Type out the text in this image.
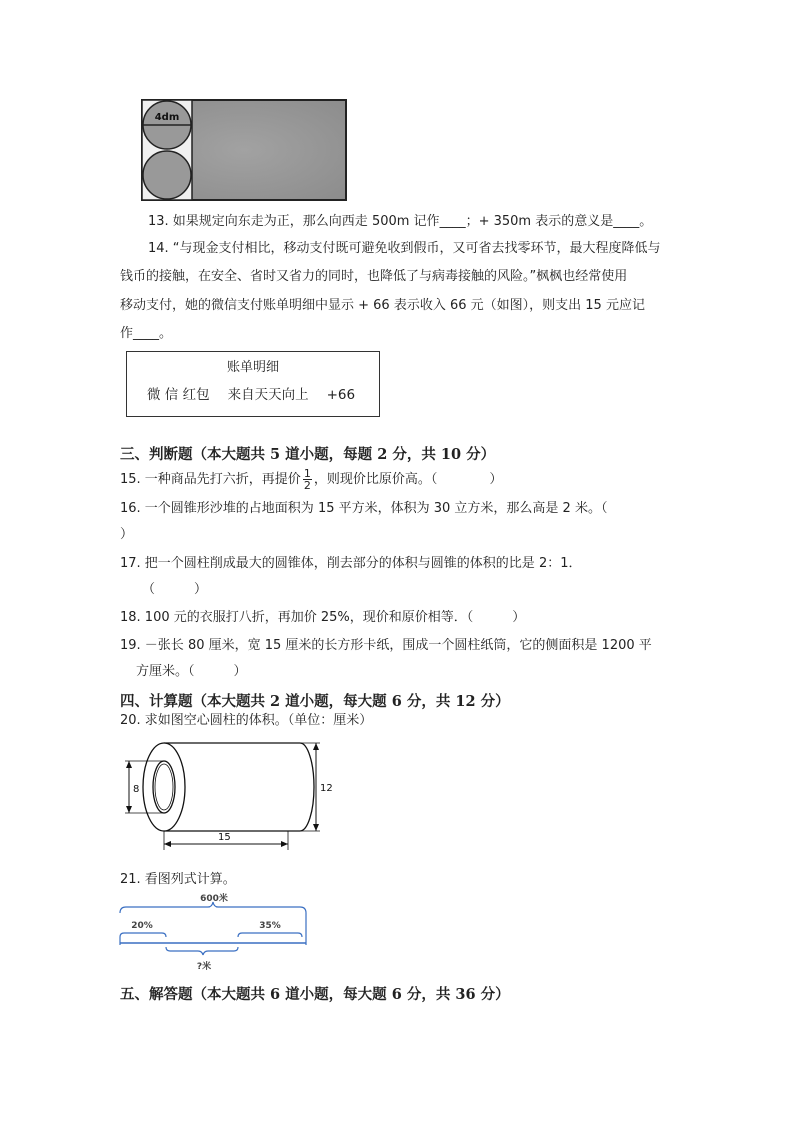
4dm
13. 如果规定向东走为正，那么向西走 500m 记作____；+ 350m 表示的意义是____。
14. “与现金支付相比，移动支付既可避免收到假币，又可省去找零环节，最大程度降低与
钱币的接触，在安全、省时又省力的同时，也降低了与病毒接触的风险。”枫枫也经常使用
移动支付，她的微信支付账单明细中显示 + 66 表示收入 66 元（如图），则支出 15 元应记
作____。
账单明细
微 信 红包 来自天天向上 +66
三、判断题（本大题共 5 道小题，每题 2 分，共 10 分）
15. 一种商品先打六折，再提价 $\frac{1}{2}$ ，则现价比原价高。（　　　　）
16. 一个圆锥形沙堆的占地面积为 15 平方米，体积为 30 立方米，那么高是 2 米。（
）
17. 把一个圆柱削成最大的圆锥体，削去部分的体积与圆锥的体积的比是 2：1．
（　　　）
18. 100 元的衣服打八折，再加价 25%，现价和原价相等．（　　　）
19. －张长 80 厘米，宽 15 厘米的长方形卡纸，围成一个圆柱纸筒，它的侧面积是 1200 平
方厘米。（　　　）
四、计算题（本大题共 2 道小题，每大题 6 分，共 12 分）
20. 求如图空心圆柱的体积。（单位：厘米）
8	12
15
21. 看图列式计算。
600米
20%	35%
?米
五、解答题（本大题共 6 道小题，每大题 6 分，共 36 分）
